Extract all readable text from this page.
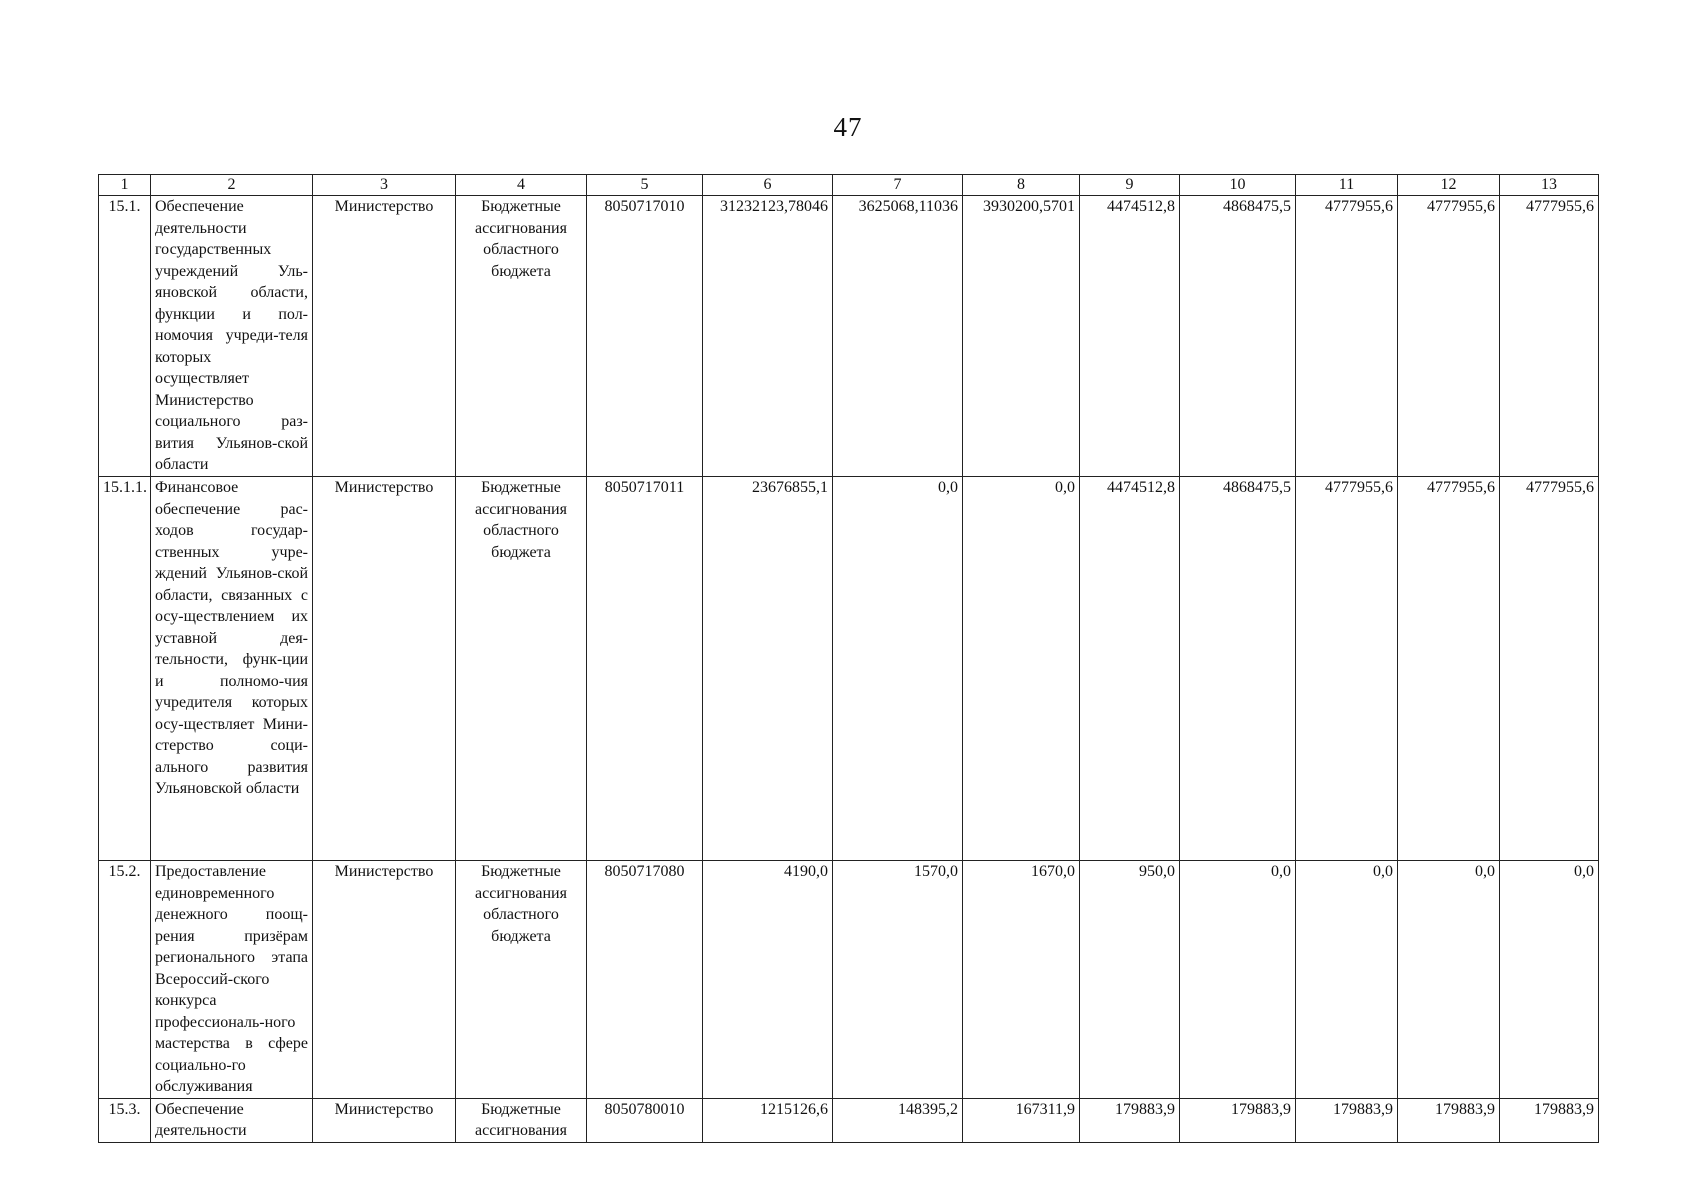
47
1	2	3	4	5	6	7	8	9	10	11	12	13
15.1.	Обеспечение деятельности государственных учреждений Уль-яновской области, функции и пол-номочия учреди-теля которых осуществляет Министерство социального раз-вития Ульянов-ской области	Министерство	Бюджетные ассигнования областного бюджета	8050717010	31232123,78046	3625068,11036	3930200,5701	4474512,8	4868475,5	4777955,6	4777955,6	4777955,6
15.1.1.	Финансовое обеспечение рас-ходов государ-ственных учре-ждений Ульянов-ской области, связанных с осу-ществлением их уставной дея-тельности, функ-ции и полномо-чия учредителя которых осу-ществляет Мини-стерство соци-ального развития Ульяновской области	Министерство	Бюджетные ассигнования областного бюджета	8050717011	23676855,1	0,0	0,0	4474512,8	4868475,5	4777955,6	4777955,6	4777955,6
15.2.	Предоставление единовременного денежного поощ-рения призёрам регионального этапа Всероссий-ского конкурса профессиональ-ного мастерства в сфере социально-го обслуживания	Министерство	Бюджетные ассигнования областного бюджета	8050717080	4190,0	1570,0	1670,0	950,0	0,0	0,0	0,0	0,0
15.3.	Обеспечение деятельности	Министерство	Бюджетные ассигнования	8050780010	1215126,6	148395,2	167311,9	179883,9	179883,9	179883,9	179883,9	179883,9
